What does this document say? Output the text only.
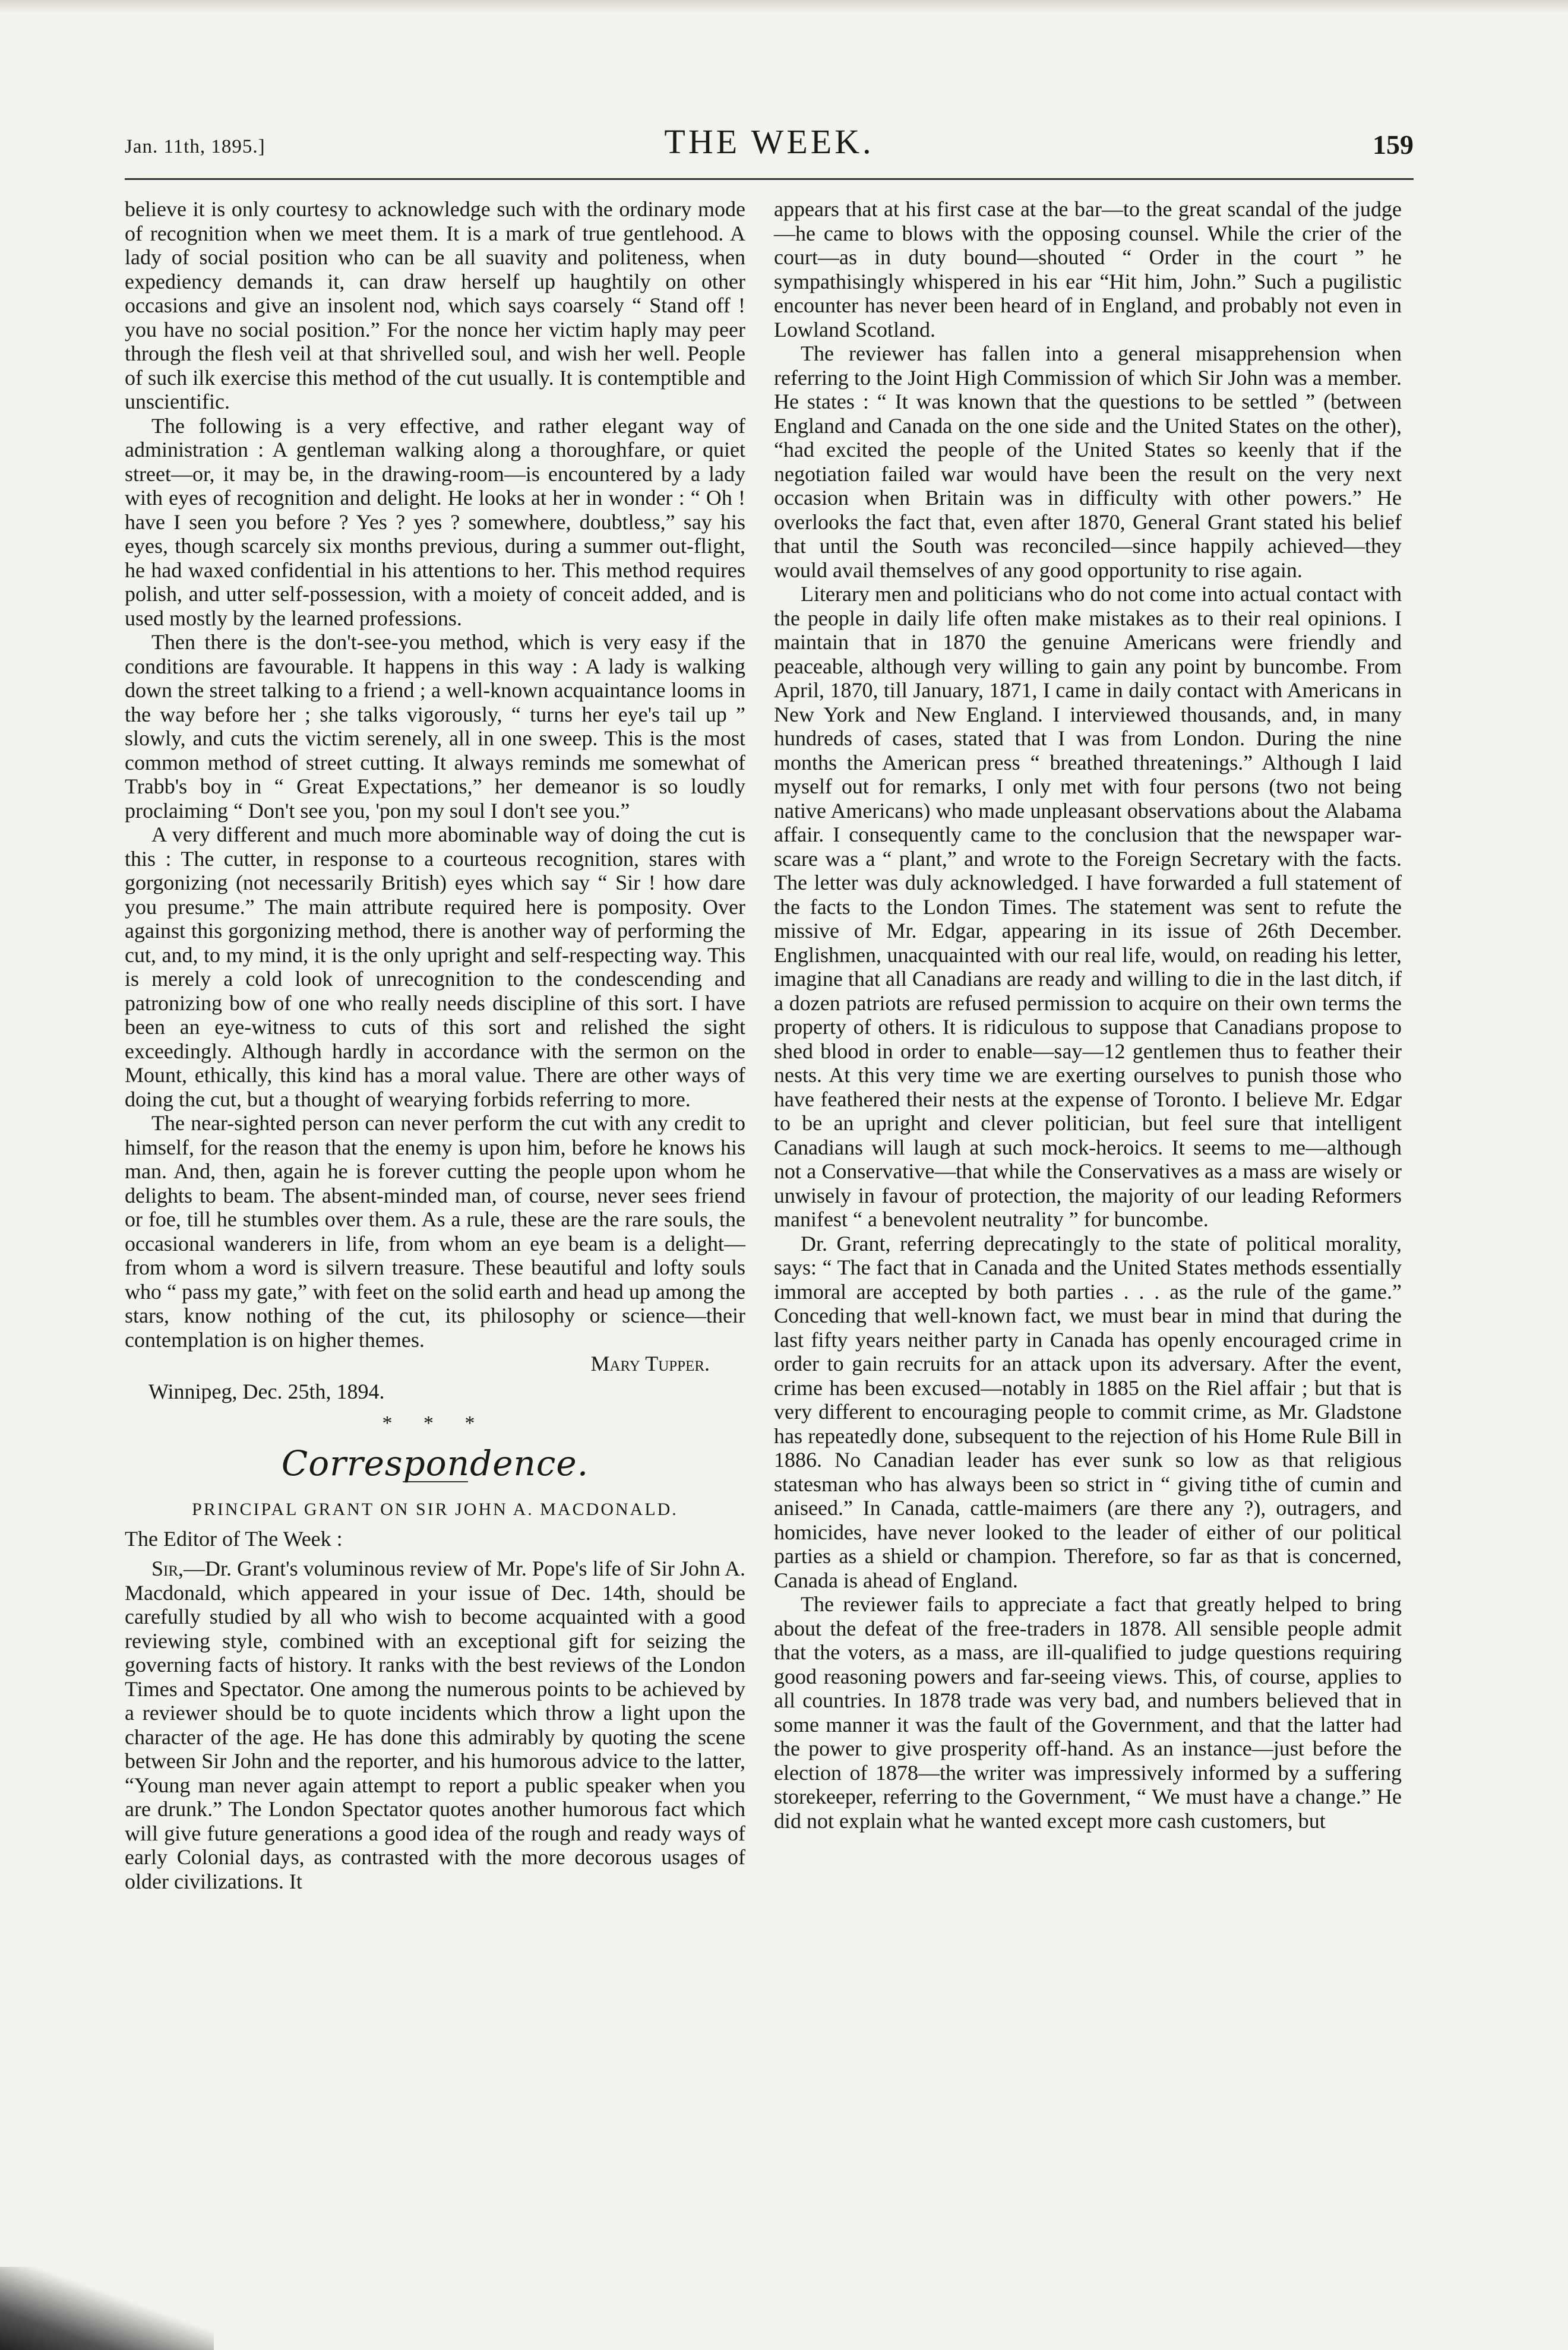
Jan. 11th, 1895.]	THE WEEK.	159

believe it is only courtesy to acknowledge such with the ordinary mode of recognition when we meet them. It is a mark of true gentlehood. A lady of social position who can be all suavity and politeness, when expediency demands it, can draw herself up haughtily on other occasions and give an insolent nod, which says coarsely “ Stand off ! you have no social position.” For the nonce her victim haply may peer through the flesh veil at that shrivelled soul, and wish her well. People of such ilk exercise this method of the cut usually. It is contemptible and unscientific.

The following is a very effective, and rather elegant way of administration : A gentleman walking along a thoroughfare, or quiet street—or, it may be, in the drawing-room—is encountered by a lady with eyes of recognition and delight. He looks at her in wonder : “ Oh ! have I seen you before ? Yes ? yes ? somewhere, doubtless,” say his eyes, though scarcely six months previous, during a summer out-flight, he had waxed confidential in his attentions to her. This method requires polish, and utter self-possession, with a moiety of conceit added, and is used mostly by the learned professions.

Then there is the don't-see-you method, which is very easy if the conditions are favourable. It happens in this way : A lady is walking down the street talking to a friend ; a well-known acquaintance looms in the way before her ; she talks vigorously, “ turns her eye's tail up ” slowly, and cuts the victim serenely, all in one sweep. This is the most common method of street cutting. It always reminds me somewhat of Trabb's boy in “ Great Expectations,” her demeanor is so loudly proclaiming “ Don't see you, 'pon my soul I don't see you.”

A very different and much more abominable way of doing the cut is this : The cutter, in response to a courteous recognition, stares with gorgonizing (not necessarily British) eyes which say “ Sir ! how dare you presume.” The main attribute required here is pomposity. Over against this gorgonizing method, there is another way of performing the cut, and, to my mind, it is the only upright and self-respecting way. This is merely a cold look of unrecognition to the condescending and patronizing bow of one who really needs discipline of this sort. I have been an eye-witness to cuts of this sort and relished the sight exceedingly. Although hardly in accordance with the sermon on the Mount, ethically, this kind has a moral value. There are other ways of doing the cut, but a thought of wearying forbids referring to more.

The near-sighted person can never perform the cut with any credit to himself, for the reason that the enemy is upon him, before he knows his man. And, then, again he is forever cutting the people upon whom he delights to beam. The absent-minded man, of course, never sees friend or foe, till he stumbles over them. As a rule, these are the rare souls, the occasional wanderers in life, from whom an eye beam is a delight—from whom a word is silvern treasure. These beautiful and lofty souls who “ pass my gate,” with feet on the solid earth and head up among the stars, know nothing of the cut, its philosophy or science—their contemplation is on higher themes.

Mary Tupper.

Winnipeg, Dec. 25th, 1894.

* * *
Correspondence.
PRINCIPAL GRANT ON SIR JOHN A. MACDONALD.

The Editor of The Week :

Sir,—Dr. Grant's voluminous review of Mr. Pope's life of Sir John A. Macdonald, which appeared in your issue of Dec. 14th, should be carefully studied by all who wish to become acquainted with a good reviewing style, combined with an exceptional gift for seizing the governing facts of history. It ranks with the best reviews of the London Times and Spectator. One among the numerous points to be achieved by a reviewer should be to quote incidents which throw a light upon the character of the age. He has done this admirably by quoting the scene between Sir John and the reporter, and his humorous advice to the latter, “Young man never again attempt to report a public speaker when you are drunk.” The London Spectator quotes another humorous fact which will give future generations a good idea of the rough and ready ways of early Colonial days, as contrasted with the more decorous usages of older civilizations. It

appears that at his first case at the bar—to the great scandal of the judge—he came to blows with the opposing counsel. While the crier of the court—as in duty bound—shouted “ Order in the court ” he sympathisingly whispered in his ear “Hit him, John.” Such a pugilistic encounter has never been heard of in England, and probably not even in Lowland Scotland.

The reviewer has fallen into a general misapprehension when referring to the Joint High Commission of which Sir John was a member. He states : “ It was known that the questions to be settled ” (between England and Canada on the one side and the United States on the other), “had excited the people of the United States so keenly that if the negotiation failed war would have been the result on the very next occasion when Britain was in difficulty with other powers.” He overlooks the fact that, even after 1870, General Grant stated his belief that until the South was reconciled—since happily achieved—they would avail themselves of any good opportunity to rise again.

Literary men and politicians who do not come into actual contact with the people in daily life often make mistakes as to their real opinions. I maintain that in 1870 the genuine Americans were friendly and peaceable, although very willing to gain any point by buncombe. From April, 1870, till January, 1871, I came in daily contact with Americans in New York and New England. I interviewed thousands, and, in many hundreds of cases, stated that I was from London. During the nine months the American press “ breathed threatenings.” Although I laid myself out for remarks, I only met with four persons (two not being native Americans) who made unpleasant observations about the Alabama affair. I consequently came to the conclusion that the newspaper war-scare was a “ plant,” and wrote to the Foreign Secretary with the facts. The letter was duly acknowledged. I have forwarded a full statement of the facts to the London Times. The statement was sent to refute the missive of Mr. Edgar, appearing in its issue of 26th December. Englishmen, unacquainted with our real life, would, on reading his letter, imagine that all Canadians are ready and willing to die in the last ditch, if a dozen patriots are refused permission to acquire on their own terms the property of others. It is ridiculous to suppose that Canadians propose to shed blood in order to enable—say—12 gentlemen thus to feather their nests. At this very time we are exerting ourselves to punish those who have feathered their nests at the expense of Toronto. I believe Mr. Edgar to be an upright and clever politician, but feel sure that intelligent Canadians will laugh at such mock-heroics. It seems to me—although not a Conservative—that while the Conservatives as a mass are wisely or unwisely in favour of protection, the majority of our leading Reformers manifest “ a benevolent neutrality ” for buncombe.

Dr. Grant, referring deprecatingly to the state of political morality, says: “ The fact that in Canada and the United States methods essentially immoral are accepted by both parties . . . as the rule of the game.” Conceding that well-known fact, we must bear in mind that during the last fifty years neither party in Canada has openly encouraged crime in order to gain recruits for an attack upon its adversary. After the event, crime has been excused—notably in 1885 on the Riel affair ; but that is very different to encouraging people to commit crime, as Mr. Gladstone has repeatedly done, subsequent to the rejection of his Home Rule Bill in 1886. No Canadian leader has ever sunk so low as that religious statesman who has always been so strict in “ giving tithe of cumin and aniseed.” In Canada, cattle-maimers (are there any ?), outragers, and homicides, have never looked to the leader of either of our political parties as a shield or champion. Therefore, so far as that is concerned, Canada is ahead of England.

The reviewer fails to appreciate a fact that greatly helped to bring about the defeat of the free-traders in 1878. All sensible people admit that the voters, as a mass, are ill-qualified to judge questions requiring good reasoning powers and far-seeing views. This, of course, applies to all countries. In 1878 trade was very bad, and numbers believed that in some manner it was the fault of the Government, and that the latter had the power to give prosperity off-hand. As an instance—just before the election of 1878—the writer was impressively informed by a suffering storekeeper, referring to the Government, “ We must have a change.” He did not explain what he wanted except more cash customers, but
